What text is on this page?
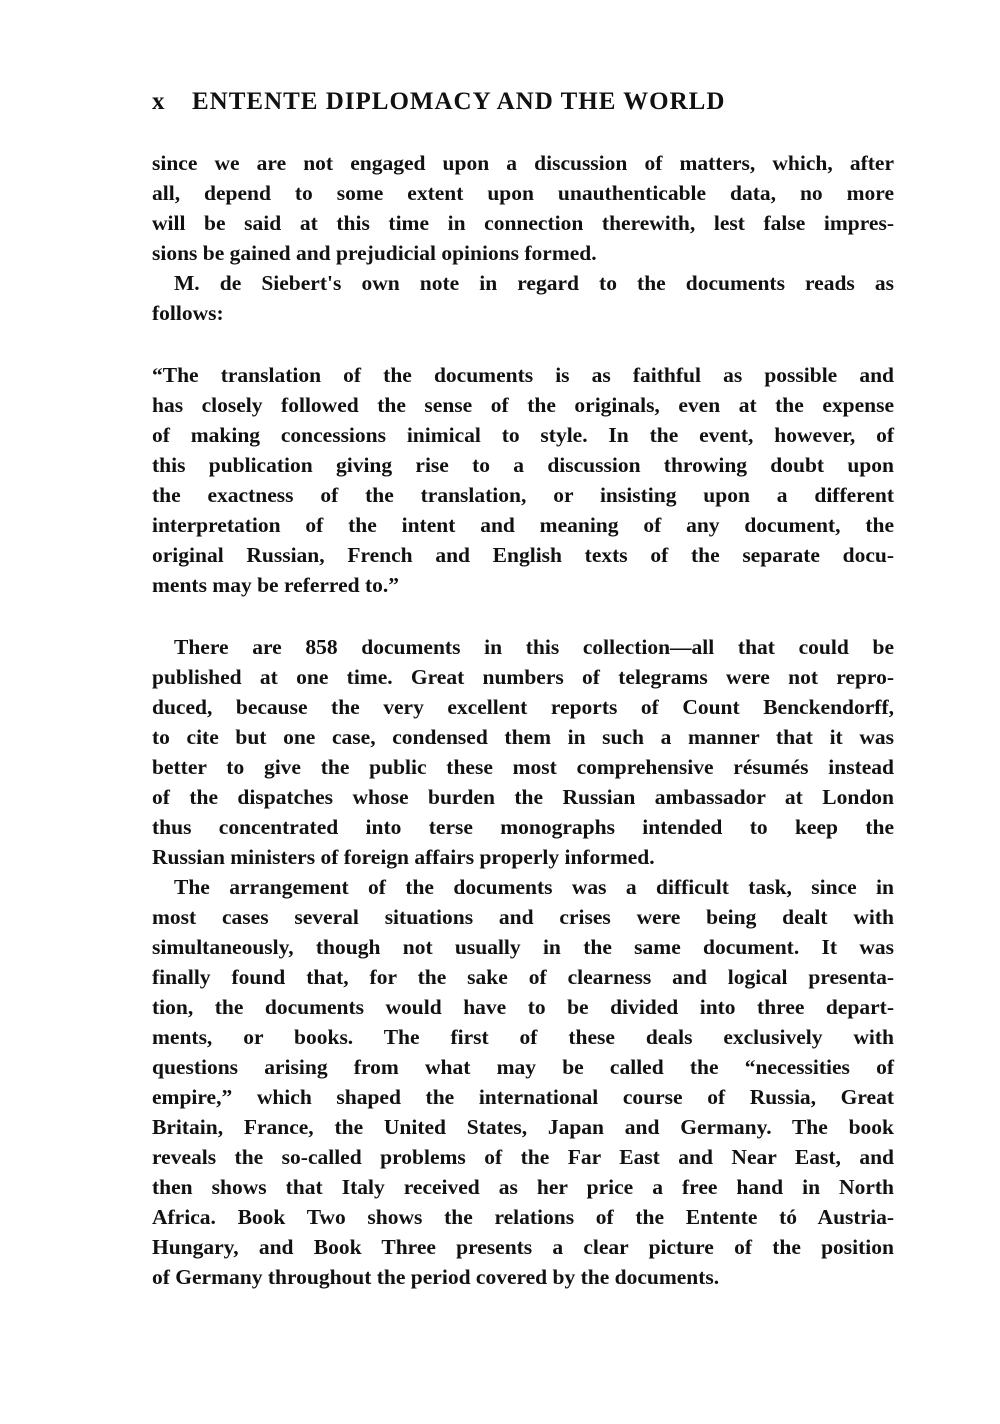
x ENTENTE DIPLOMACY AND THE WORLD
since we are not engaged upon a discussion of matters, which, after
all, depend to some extent upon unauthenticable data, no more
will be said at this time in connection therewith, lest false impres-
sions be gained and prejudicial opinions formed.
M. de Siebert's own note in regard to the documents reads as
follows:
“The translation of the documents is as faithful as possible and
has closely followed the sense of the originals, even at the expense
of making concessions inimical to style. In the event, however, of
this publication giving rise to a discussion throwing doubt upon
the exactness of the translation, or insisting upon a different
interpretation of the intent and meaning of any document, the
original Russian, French and English texts of the separate docu-
ments may be referred to.”
There are 858 documents in this collection—all that could be
published at one time. Great numbers of telegrams were not repro-
duced, because the very excellent reports of Count Benckendorff,
to cite but one case, condensed them in such a manner that it was
better to give the public these most comprehensive résumés instead
of the dispatches whose burden the Russian ambassador at London
thus concentrated into terse monographs intended to keep the
Russian ministers of foreign affairs properly informed.
The arrangement of the documents was a difficult task, since in
most cases several situations and crises were being dealt with
simultaneously, though not usually in the same document. It was
finally found that, for the sake of clearness and logical presenta-
tion, the documents would have to be divided into three depart-
ments, or books. The first of these deals exclusively with
questions arising from what may be called the “necessities of
empire,” which shaped the international course of Russia, Great
Britain, France, the United States, Japan and Germany. The book
reveals the so-called problems of the Far East and Near East, and
then shows that Italy received as her price a free hand in North
Africa. Book Two shows the relations of the Entente tó Austria-
Hungary, and Book Three presents a clear picture of the position
of Germany throughout the period covered by the documents.
